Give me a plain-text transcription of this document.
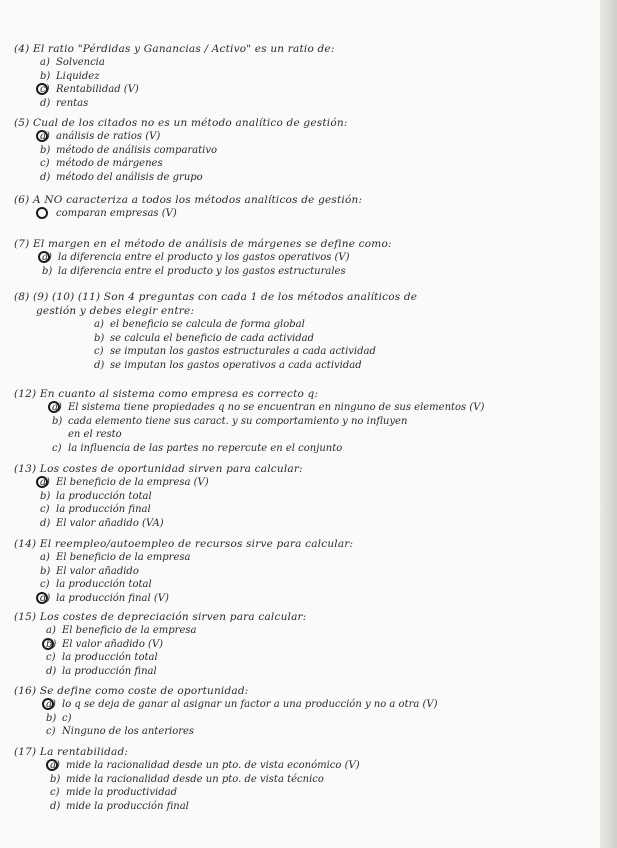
(4) El ratio "Pérdidas y Ganancias / Activo" es un ratio de:
a) Solvencia
b) Liquidez
c) Rentabilidad (V)
d) rentas
(5) Cual de los citados no es un método analítico de gestión:
a) análisis de ratios (V)
b) método de análisis comparativo
c) método de márgenes
d) método del análisis de grupo
(6) A NO caracteriza a todos los métodos analíticos de gestión:
comparan empresas (V)
(7) El margen en el método de análisis de márgenes se define como:
a) la diferencia entre el producto y los gastos operativos (V)
b) la diferencia entre el producto y los gastos estructurales
(8) (9) (10) (11) Son 4 preguntas con cada 1 de los métodos analíticos de
gestión y debes elegir entre:
a) el beneficio se calcula de forma global
b) se calcula el beneficio de cada actividad
c) se imputan los gastos estructurales a cada actividad
d) se imputan los gastos operativos a cada actividad
(12) En cuanto al sistema como empresa es correcto q:
a) El sistema tiene propiedades q no se encuentran en ninguno de sus elementos (V)
b) cada elemento tiene sus caract. y su comportamiento y no influyen
en el resto
c) la influencia de las partes no repercute en el conjunto
(13) Los costes de oportunidad sirven para calcular:
a) El beneficio de la empresa (V)
b) la producción total
c) la producción final
d) El valor añadido (VA)
(14) El reempleo/autoempleo de recursos sirve para calcular:
a) El beneficio de la empresa
b) El valor añadido
c) la producción total
d) la producción final (V)
(15) Los costes de depreciación sirven para calcular:
a) El beneficio de la empresa
b) El valor añadido (V)
c) la producción total
d) la producción final
(16) Se define como coste de oportunidad:
a) lo q se deja de ganar al asignar un factor a una producción y no a otra (V)
b) c)
c) Ninguno de los anteriores
(17) La rentabilidad:
a) mide la racionalidad desde un pto. de vista económico (V)
b) mide la racionalidad desde un pto. de vista técnico
c) mide la productividad
d) mide la producción final
